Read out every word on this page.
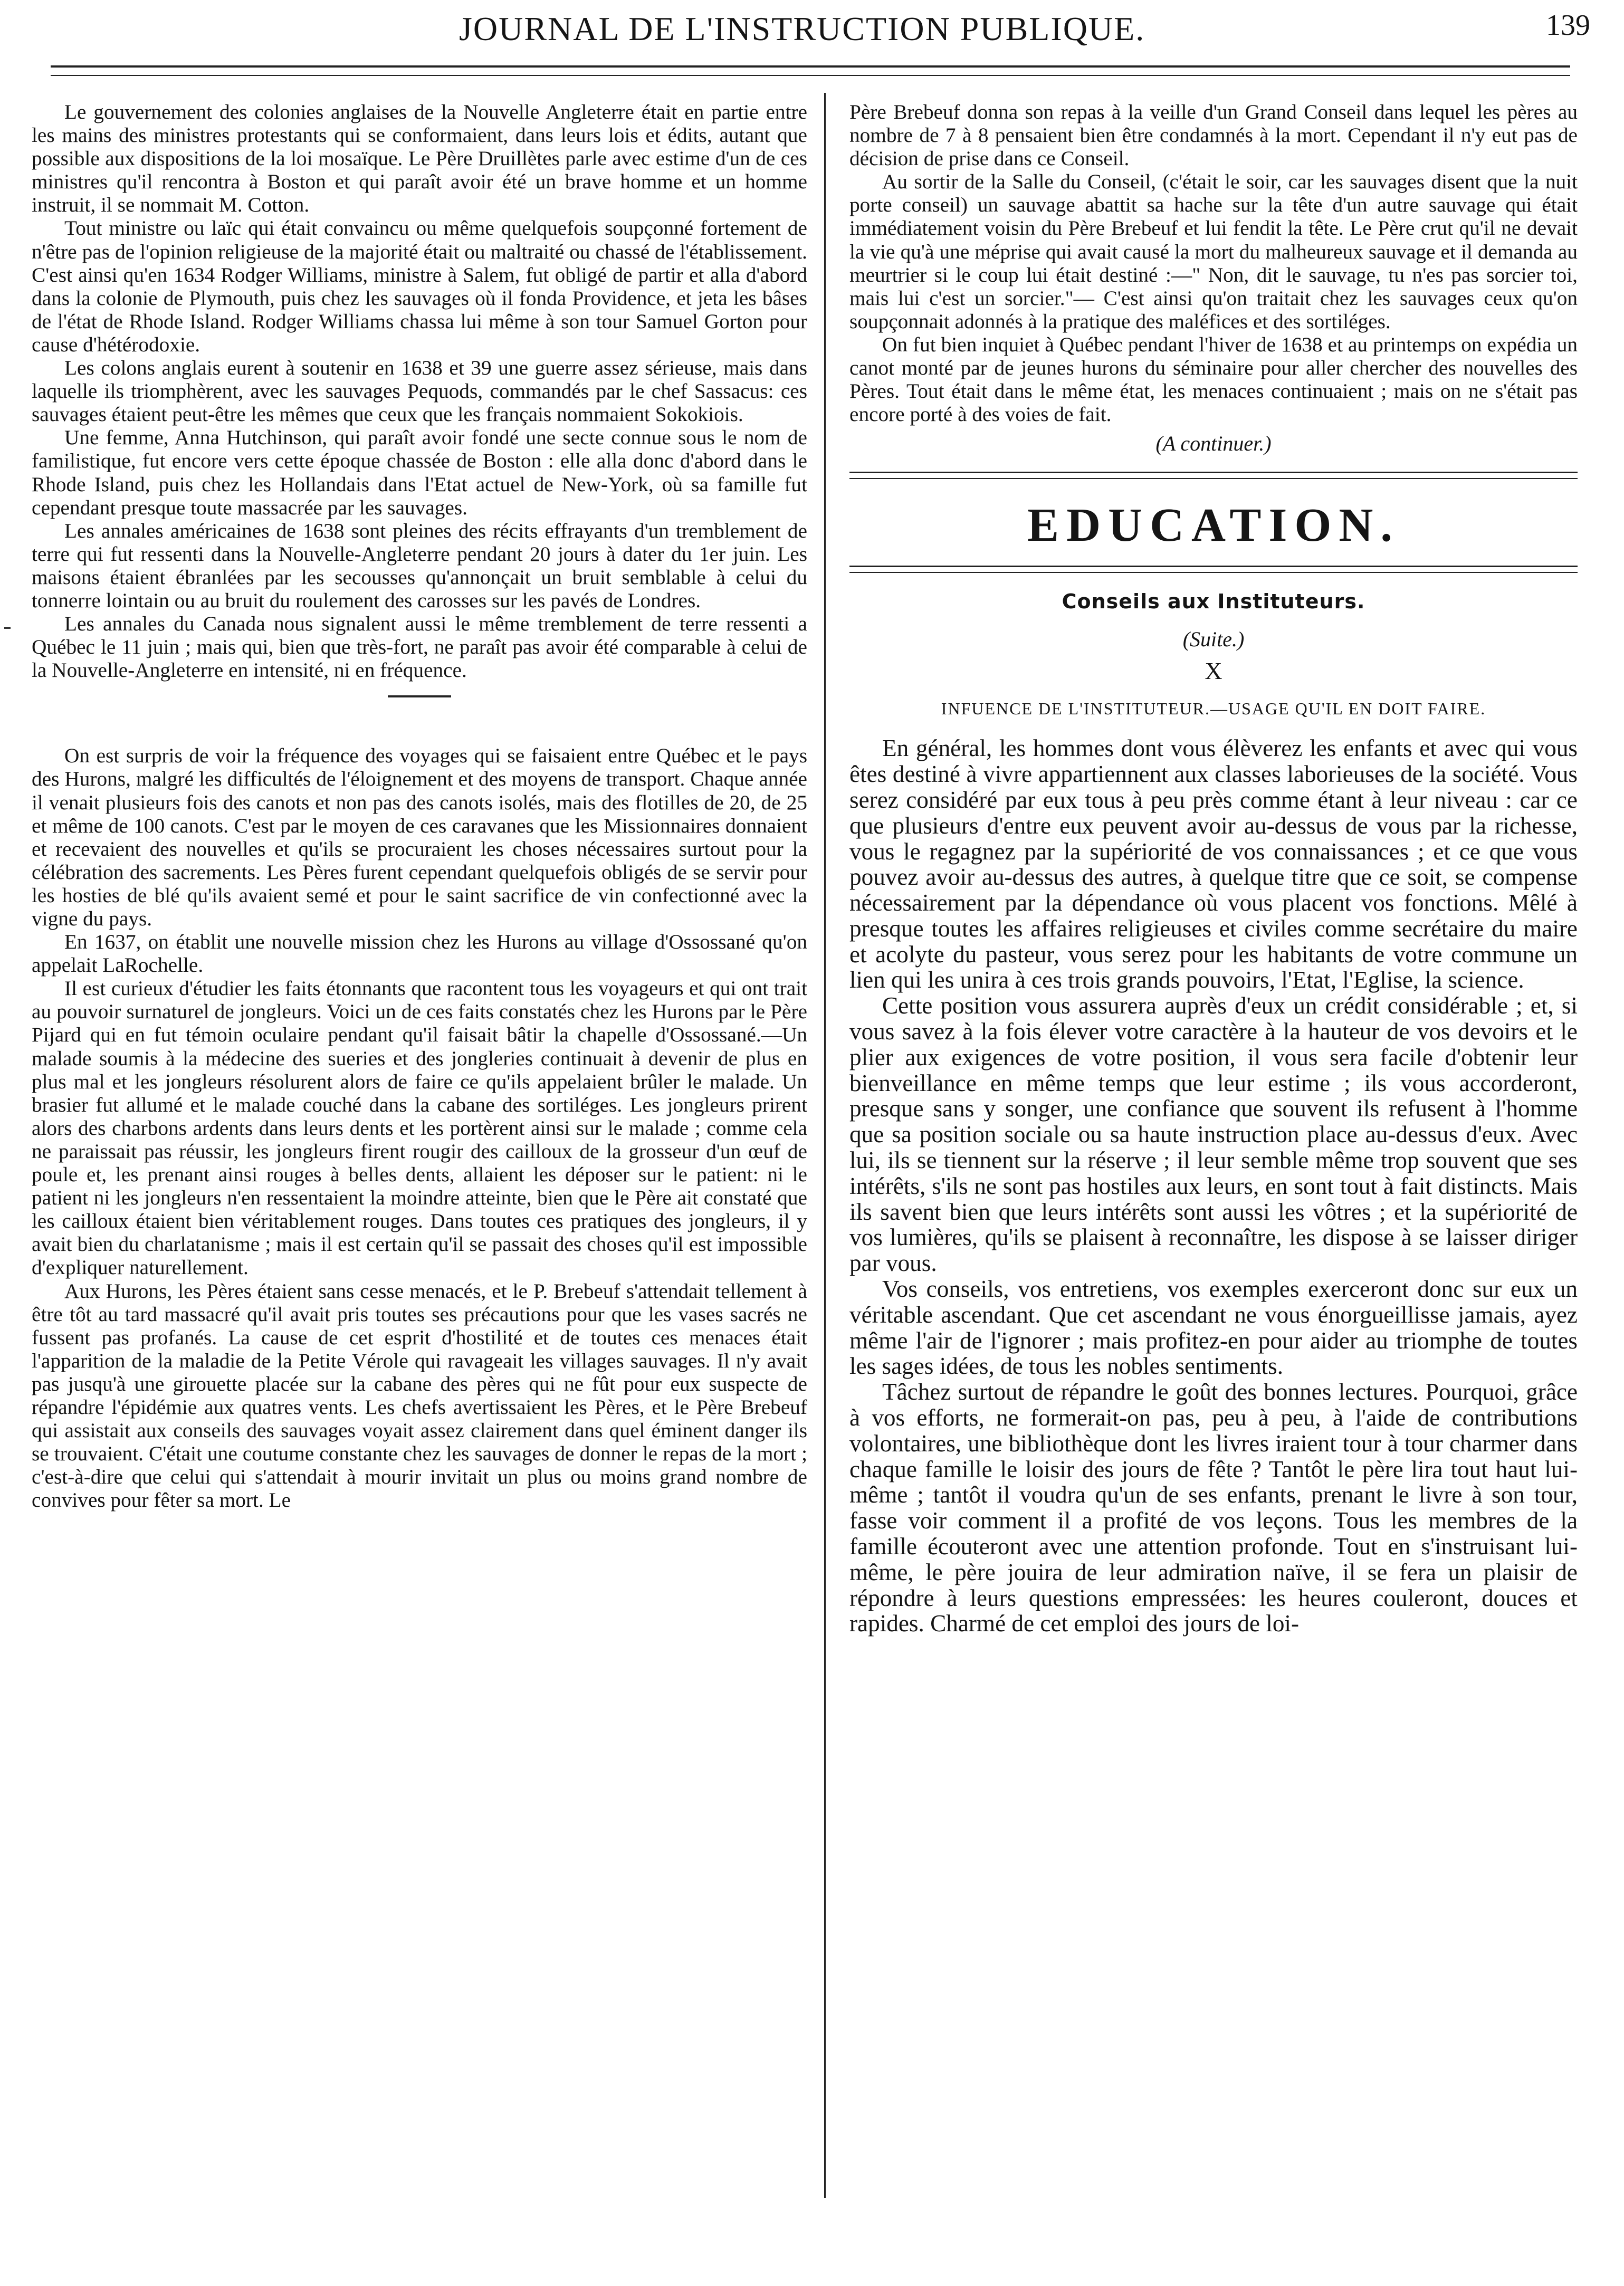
JOURNAL DE L'INSTRUCTION PUBLIQUE.	139

Le gouvernement des colonies anglaises de la Nouvelle Angleterre était en partie entre les mains des ministres protestants qui se conformaient, dans leurs lois et édits, autant que possible aux dispositions de la loi mosaïque. Le Père Druillètes parle avec estime d'un de ces ministres qu'il rencontra à Boston et qui paraît avoir été un brave homme et un homme instruit, il se nommait M. Cotton.

Tout ministre ou laïc qui était convaincu ou même quelquefois soupçonné fortement de n'être pas de l'opinion religieuse de la majorité était ou maltraité ou chassé de l'établissement. C'est ainsi qu'en 1634 Rodger Williams, ministre à Salem, fut obligé de partir et alla d'abord dans la colonie de Plymouth, puis chez les sauvages où il fonda Providence, et jeta les bâses de l'état de Rhode Island. Rodger Williams chassa lui même à son tour Samuel Gorton pour cause d'hétérodoxie.

Les colons anglais eurent à soutenir en 1638 et 39 une guerre assez sérieuse, mais dans laquelle ils triomphèrent, avec les sauvages Pequods, commandés par le chef Sassacus: ces sauvages étaient peut-être les mêmes que ceux que les français nommaient Sokokiois.

Une femme, Anna Hutchinson, qui paraît avoir fondé une secte connue sous le nom de familistique, fut encore vers cette époque chassée de Boston : elle alla donc d'abord dans le Rhode Island, puis chez les Hollandais dans l'Etat actuel de New-York, où sa famille fut cependant presque toute massacrée par les sauvages.

Les annales américaines de 1638 sont pleines des récits effrayants d'un tremblement de terre qui fut ressenti dans la Nouvelle-Angleterre pendant 20 jours à dater du 1er juin. Les maisons étaient ébranlées par les secousses qu'annonçait un bruit semblable à celui du tonnerre lointain ou au bruit du roulement des carosses sur les pavés de Londres.

Les annales du Canada nous signalent aussi le même tremblement de terre ressenti a Québec le 11 juin ; mais qui, bien que très-fort, ne paraît pas avoir été comparable à celui de la Nouvelle-Angleterre en intensité, ni en fréquence.

On est surpris de voir la fréquence des voyages qui se faisaient entre Québec et le pays des Hurons, malgré les difficultés de l'éloignement et des moyens de transport. Chaque année il venait plusieurs fois des canots et non pas des canots isolés, mais des flotilles de 20, de 25 et même de 100 canots. C'est par le moyen de ces caravanes que les Missionnaires donnaient et recevaient des nouvelles et qu'ils se procuraient les choses nécessaires surtout pour la célébration des sacrements. Les Pères furent cependant quelquefois obligés de se servir pour les hosties de blé qu'ils avaient semé et pour le saint sacrifice de vin confectionné avec la vigne du pays.

En 1637, on établit une nouvelle mission chez les Hurons au village d'Ossossané qu'on appelait LaRochelle.

Il est curieux d'étudier les faits étonnants que racontent tous les voyageurs et qui ont trait au pouvoir surnaturel de jongleurs. Voici un de ces faits constatés chez les Hurons par le Père Pijard qui en fut témoin oculaire pendant qu'il faisait bâtir la chapelle d'Ossossané.—Un malade soumis à la médecine des sueries et des jongleries continuait à devenir de plus en plus mal et les jongleurs résolurent alors de faire ce qu'ils appelaient brûler le malade. Un brasier fut allumé et le malade couché dans la cabane des sortiléges. Les jongleurs prirent alors des charbons ardents dans leurs dents et les portèrent ainsi sur le malade ; comme cela ne paraissait pas réussir, les jongleurs firent rougir des cailloux de la grosseur d'un œuf de poule et, les prenant ainsi rouges à belles dents, allaient les déposer sur le patient: ni le patient ni les jongleurs n'en ressentaient la moindre atteinte, bien que le Père ait constaté que les cailloux étaient bien véritablement rouges. Dans toutes ces pratiques des jongleurs, il y avait bien du charlatanisme ; mais il est certain qu'il se passait des choses qu'il est impossible d'expliquer naturellement.

Aux Hurons, les Pères étaient sans cesse menacés, et le P. Brebeuf s'attendait tellement à être tôt au tard massacré qu'il avait pris toutes ses précautions pour que les vases sacrés ne fussent pas profanés. La cause de cet esprit d'hostilité et de toutes ces menaces était l'apparition de la maladie de la Petite Vérole qui ravageait les villages sauvages. Il n'y avait pas jusqu'à une girouette placée sur la cabane des pères qui ne fût pour eux suspecte de répandre l'épidémie aux quatres vents. Les chefs avertissaient les Pères, et le Père Brebeuf qui assistait aux conseils des sauvages voyait assez clairement dans quel éminent danger ils se trouvaient. C'était une coutume constante chez les sauvages de donner le repas de la mort ; c'est-à-dire que celui qui s'attendait à mourir invitait un plus ou moins grand nombre de convives pour fêter sa mort. Le

Père Brebeuf donna son repas à la veille d'un Grand Conseil dans lequel les pères au nombre de 7 à 8 pensaient bien être condamnés à la mort. Cependant il n'y eut pas de décision de prise dans ce Conseil.

Au sortir de la Salle du Conseil, (c'était le soir, car les sauvages disent que la nuit porte conseil) un sauvage abattit sa hache sur la tête d'un autre sauvage qui était immédiatement voisin du Père Brebeuf et lui fendit la tête. Le Père crut qu'il ne devait la vie qu'à une méprise qui avait causé la mort du malheureux sauvage et il demanda au meurtrier si le coup lui était destiné :—" Non, dit le sauvage, tu n'es pas sorcier toi, mais lui c'est un sorcier."— C'est ainsi qu'on traitait chez les sauvages ceux qu'on soupçonnait adonnés à la pratique des maléfices et des sortiléges.

On fut bien inquiet à Québec pendant l'hiver de 1638 et au printemps on expédia un canot monté par de jeunes hurons du séminaire pour aller chercher des nouvelles des Pères. Tout était dans le même état, les menaces continuaient ; mais on ne s'était pas encore porté à des voies de fait.

(A continuer.)

EDUCATION.
Conseils aux Instituteurs.

(Suite.)

X

INFUENCE DE L'INSTITUTEUR.—USAGE QU'IL EN DOIT FAIRE.

En général, les hommes dont vous élèverez les enfants et avec qui vous êtes destiné à vivre appartiennent aux classes laborieuses de la société. Vous serez considéré par eux tous à peu près comme étant à leur niveau : car ce que plusieurs d'entre eux peuvent avoir au-dessus de vous par la richesse, vous le regagnez par la supériorité de vos connaissances ; et ce que vous pouvez avoir au-dessus des autres, à quelque titre que ce soit, se compense nécessairement par la dépendance où vous placent vos fonctions. Mêlé à presque toutes les affaires religieuses et civiles comme secrétaire du maire et acolyte du pasteur, vous serez pour les habitants de votre commune un lien qui les unira à ces trois grands pouvoirs, l'Etat, l'Eglise, la science.

Cette position vous assurera auprès d'eux un crédit considérable ; et, si vous savez à la fois élever votre caractère à la hauteur de vos devoirs et le plier aux exigences de votre position, il vous sera facile d'obtenir leur bienveillance en même temps que leur estime ; ils vous accorderont, presque sans y songer, une confiance que souvent ils refusent à l'homme que sa position sociale ou sa haute instruction place au-dessus d'eux. Avec lui, ils se tiennent sur la réserve ; il leur semble même trop souvent que ses intérêts, s'ils ne sont pas hostiles aux leurs, en sont tout à fait distincts. Mais ils savent bien que leurs intérêts sont aussi les vôtres ; et la supériorité de vos lumières, qu'ils se plaisent à reconnaître, les dispose à se laisser diriger par vous.

Vos conseils, vos entretiens, vos exemples exerceront donc sur eux un véritable ascendant. Que cet ascendant ne vous énorgueillisse jamais, ayez même l'air de l'ignorer ; mais profitez-en pour aider au triomphe de toutes les sages idées, de tous les nobles sentiments.

Tâchez surtout de répandre le goût des bonnes lectures. Pourquoi, grâce à vos efforts, ne formerait-on pas, peu à peu, à l'aide de contributions volontaires, une bibliothèque dont les livres iraient tour à tour charmer dans chaque famille le loisir des jours de fête ? Tantôt le père lira tout haut lui-même ; tantôt il voudra qu'un de ses enfants, prenant le livre à son tour, fasse voir comment il a profité de vos leçons. Tous les membres de la famille écouteront avec une attention profonde. Tout en s'instruisant lui-même, le père jouira de leur admiration naïve, il se fera un plaisir de répondre à leurs questions empressées: les heures couleront, douces et rapides. Charmé de cet emploi des jours de loi-
